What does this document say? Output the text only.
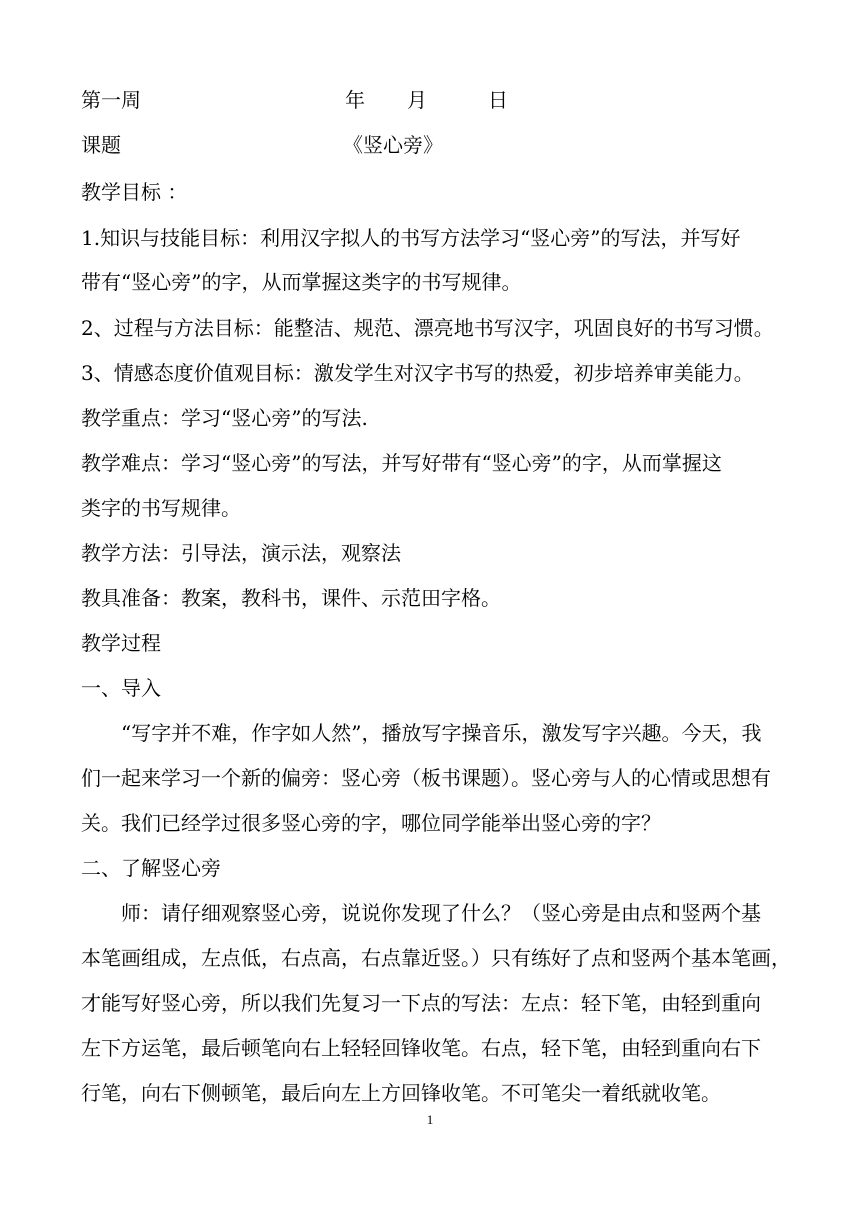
第一周	年 月	日
课题	《竖心旁》
教学目标 ：
1.知识与技能目标：利用汉字拟人的书写方法学习“竖心旁”的写法，并写好
带有“竖心旁”的字，从而掌握这类字的书写规律。
2、过程与方法目标：能整洁、规范、漂亮地书写汉字，巩固良好的书写习惯。
3、情感态度价值观目标：激发学生对汉字书写的热爱，初步培养审美能力。
教学重点：学习“竖心旁”的写法.
教学难点：学习“竖心旁”的写法，并写好带有“竖心旁”的字，从而掌握这
类字的书写规律。
教学方法：引导法，演示法，观察法
教具准备：教案，教科书，课件、示范田字格。
教学过程
一、导入
“写字并不难，作字如人然”，播放写字操音乐，激发写字兴趣。今天，我
们一起来学习一个新的偏旁：竖心旁（板书课题）。竖心旁与人的心情或思想有
关。我们已经学过很多竖心旁的字，哪位同学能举出竖心旁的字？
二、了解竖心旁
师：请仔细观察竖心旁，说说你发现了什么？（竖心旁是由点和竖两个基
本笔画组成，左点低，右点高，右点靠近竖。）只有练好了点和竖两个基本笔画，
才能写好竖心旁，所以我们先复习一下点的写法：左点：轻下笔，由轻到重向
左下方运笔，最后顿笔向右上轻轻回锋收笔。右点，轻下笔，由轻到重向右下
行笔，向右下侧顿笔，最后向左上方回锋收笔。不可笔尖一着纸就收笔。
1
